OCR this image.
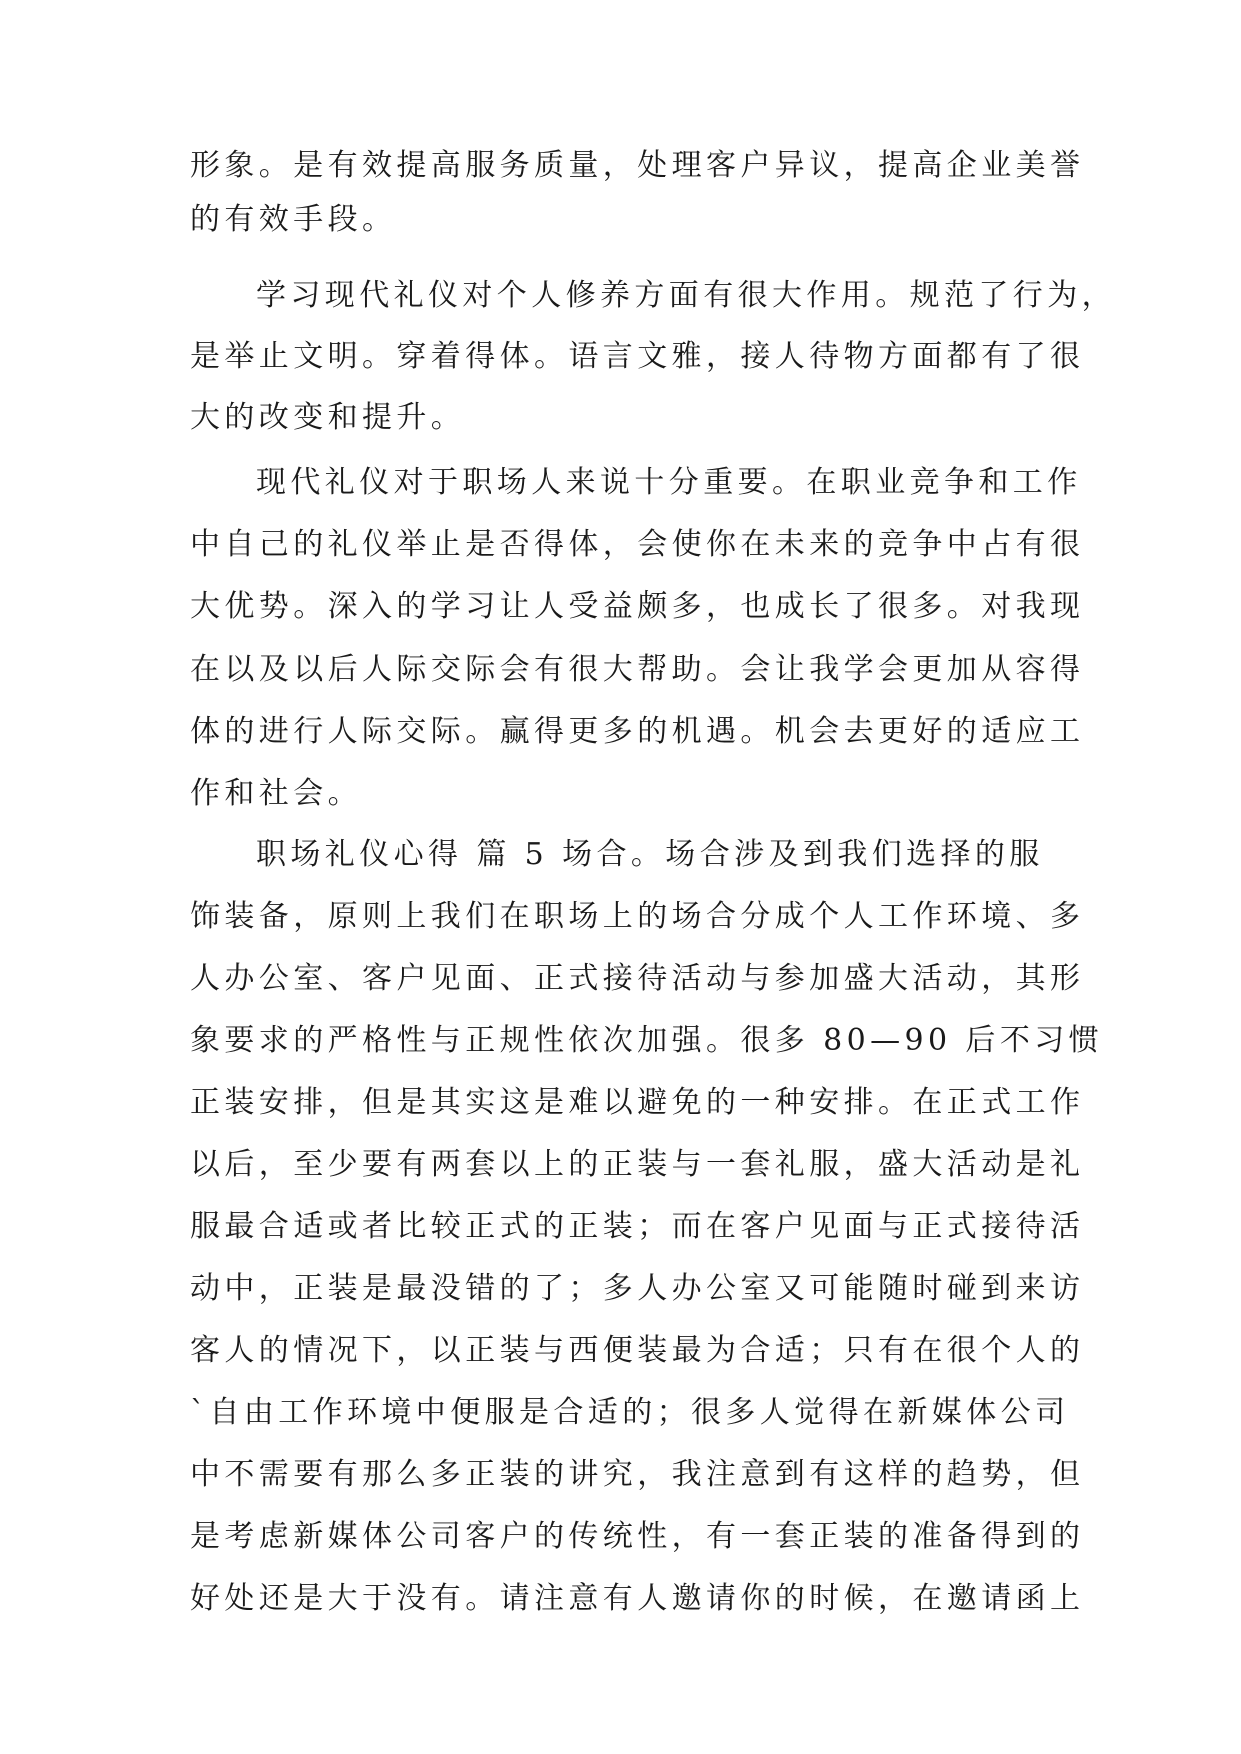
形象。是有效提高服务质量，处理客户异议，提高企业美誉
的有效手段。
学习现代礼仪对个人修养方面有很大作用。规范了行为，
是举止文明。穿着得体。语言文雅，接人待物方面都有了很
大的改变和提升。
现代礼仪对于职场人来说十分重要。在职业竞争和工作
中自己的礼仪举止是否得体，会使你在未来的竞争中占有很
大优势。深入的学习让人受益颇多，也成长了很多。对我现
在以及以后人际交际会有很大帮助。会让我学会更加从容得
体的进行人际交际。赢得更多的机遇。机会去更好的适应工
作和社会。
职场礼仪心得 篇 5 场合。场合涉及到我们选择的服
饰装备，原则上我们在职场上的场合分成个人工作环境、多
人办公室、客户见面、正式接待活动与参加盛大活动，其形
象要求的严格性与正规性依次加强。很多 80—90 后不习惯
正装安排，但是其实这是难以避免的一种安排。在正式工作
以后，至少要有两套以上的正装与一套礼服，盛大活动是礼
服最合适或者比较正式的正装；而在客户见面与正式接待活
动中，正装是最没错的了；多人办公室又可能随时碰到来访
客人的情况下，以正装与西便装最为合适；只有在很个人的
`自由工作环境中便服是合适的；很多人觉得在新媒体公司
中不需要有那么多正装的讲究，我注意到有这样的趋势，但
是考虑新媒体公司客户的传统性，有一套正装的准备得到的
好处还是大于没有。请注意有人邀请你的时候，在邀请函上
